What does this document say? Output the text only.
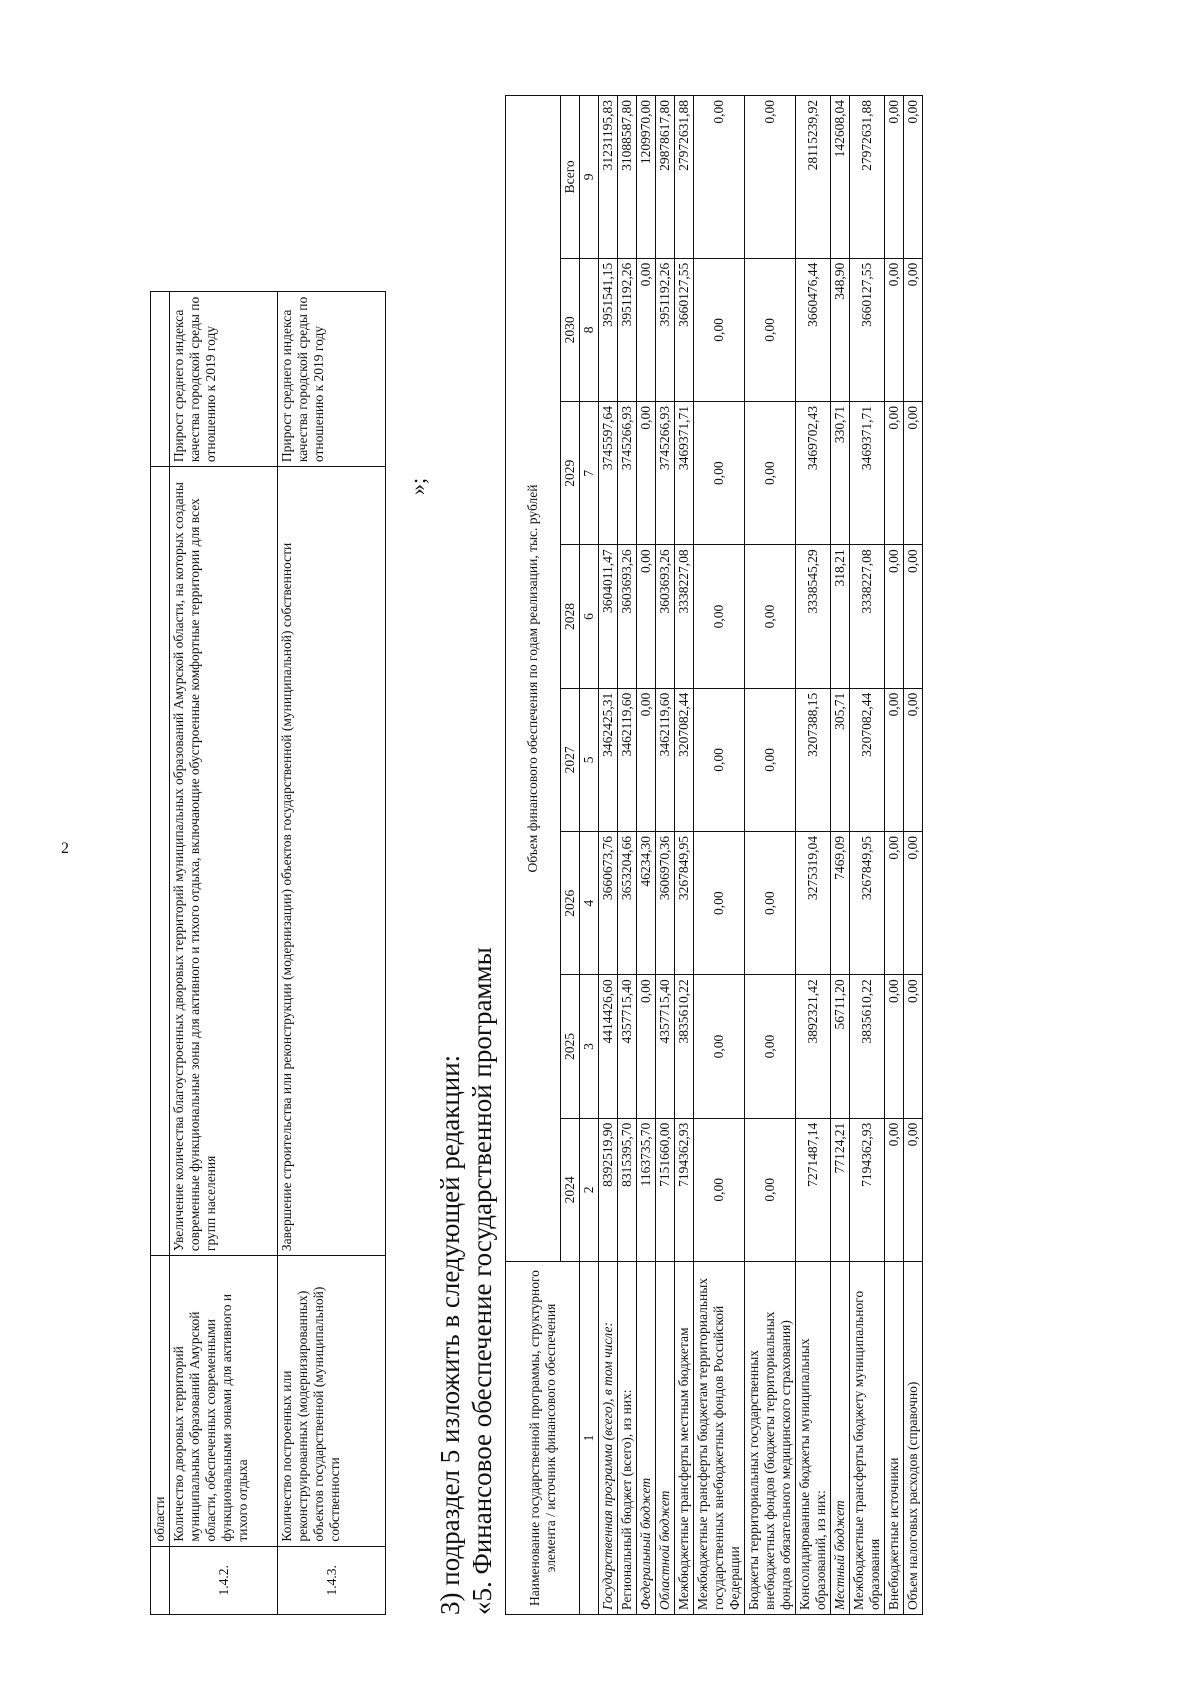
2
	области			
1.4.2.	Количество дворовых территорий муниципальных образований Амурской области, обеспеченных современными функциональными зонами для активного и тихого отдыха	Увеличение количества благоустроенных дворовых территорий муниципальных образований Амурской области, на которых созданы современные функциональные зоны для активного и тихого отдыха, включающие обустроенные комфортные территории для всех групп населения	Прирост среднего индекса качества городской среды по отношению к 2019 году	
1.4.3.	Количество построенных или реконструированных (модернизированных) объектов государственной (муниципальной) собственности	Завершение строительства или реконструкции (модернизации) объектов государственной (муниципальной) собственности	Прирост среднего индекса качества городской среды по отношению к 2019 году	
»;
3) подраздел 5 изложить в следующей редакции: «5. Финансовое обеспечение государственной программы Наименование государственной программы, структурного элемента / источник финансового обеспечения	Объем финансового обеспечения по годам реализации, тыс. рублей							
	2024	2025	2026	2027	2028	2029	2030	Всего
1	2	3	4	5	6	7	8	9
Государственная программа (всего), в том числе:	8392519,90	4414426,60	3660673,76	3462425,31	3604011,47	3745597,64	3951541,15	31231195,83
Региональный бюджет (всего), из них:	8315395,70	4357715,40	3653204,66	3462119,60	3603693,26	3745266,93	3951192,26	31088587,80
Федеральный бюджет	1163735,70	0,00	46234,30	0,00	0,00	0,00	0,00	1209970,00
Областной бюджет	7151660,00	4357715,40	3606970,36	3462119,60	3603693,26	3745266,93	3951192,26	29878617,80
Межбюджетные трансферты местным бюджетам	7194362,93	3835610,22	3267849,95	3207082,44	3338227,08	3469371,71	3660127,55	27972631,88
Межбюджетные трансферты бюджетам территориальных государственных внебюджетных фондов Российской Федерации	0,00	0,00	0,00	0,00	0,00	0,00	0,00	0,00
Бюджеты территориальных государственных внебюджетных фондов (бюджеты территориальных фондов обязательного медицинского страхования)	0,00	0,00	0,00	0,00	0,00	0,00	0,00	0,00
Консолидированные бюджеты муниципальных образований, из них:	7271487,14	3892321,42	3275319,04	3207388,15	3338545,29	3469702,43	3660476,44	28115239,92
Местный бюджет	77124,21	56711,20	7469,09	305,71	318,21	330,71	348,90	142608,04
Межбюджетные трансферты бюджету муниципального образования	7194362,93	3835610,22	3267849,95	3207082,44	3338227,08	3469371,71	3660127,55	27972631,88
Внебюджетные источники	0,00	0,00	0,00	0,00	0,00	0,00	0,00	0,00
Объем налоговых расходов (справочно)	0,00	0,00	0,00	0,00	0,00	0,00	0,00	0,00
